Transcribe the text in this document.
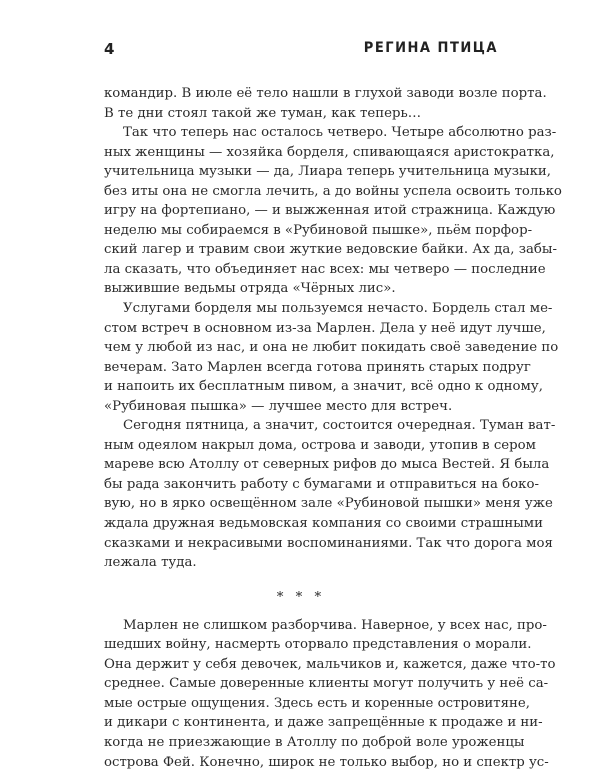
4	РЕГИНА ПТИЦА
командир. В июле её тело нашли в глухой заводи возле порта.
В те дни стоял такой же туман, как теперь…
Так что теперь нас осталось четверо. Четыре абсолютно раз-
ных женщины — хозяйка борделя, спивающаяся аристократка,
учительница музыки — да, Лиара теперь учительница музыки,
без иты она не смогла лечить, а до войны успела освоить только
игру на фортепиано, — и выжженная итой стражница. Каждую
неделю мы собираемся в «Рубиновой пышке», пьём порфор-
ский лагер и травим свои жуткие ведовские байки. Ах да, забы-
ла сказать, что объединяет нас всех: мы четверо — последние
выжившие ведьмы отряда «Чёрных лис».
Услугами борделя мы пользуемся нечасто. Бордель стал ме-
стом встреч в основном из-за Марлен. Дела у неё идут лучше,
чем у любой из нас, и она не любит покидать своё заведение по
вечерам. Зато Марлен всегда готова принять старых подруг
и напоить их бесплатным пивом, а значит, всё одно к одному,
«Рубиновая пышка» — лучшее место для встреч.
Сегодня пятница, а значит, состоится очередная. Туман ват-
ным одеялом накрыл дома, острова и заводи, утопив в сером
мареве всю Атоллу от северных рифов до мыса Вестей. Я была
бы рада закончить работу с бумагами и отправиться на боко-
вую, но в ярко освещённом зале «Рубиновой пышки» меня уже
ждала дружная ведьмовская компания со своими страшными
сказками и некрасивыми воспоминаниями. Так что дорога моя
лежала туда.
* * *
Марлен не слишком разборчива. Наверное, у всех нас, про-
шедших войну, насмерть оторвало представления о морали.
Она держит у себя девочек, мальчиков и, кажется, даже что-то
среднее. Самые доверенные клиенты могут получить у неё са-
мые острые ощущения. Здесь есть и коренные островитяне,
и дикари с континента, и даже запрещённые к продаже и ни-
когда не приезжающие в Атоллу по доброй воле уроженцы
острова Фей. Конечно, широк не только выбор, но и спектр ус-
